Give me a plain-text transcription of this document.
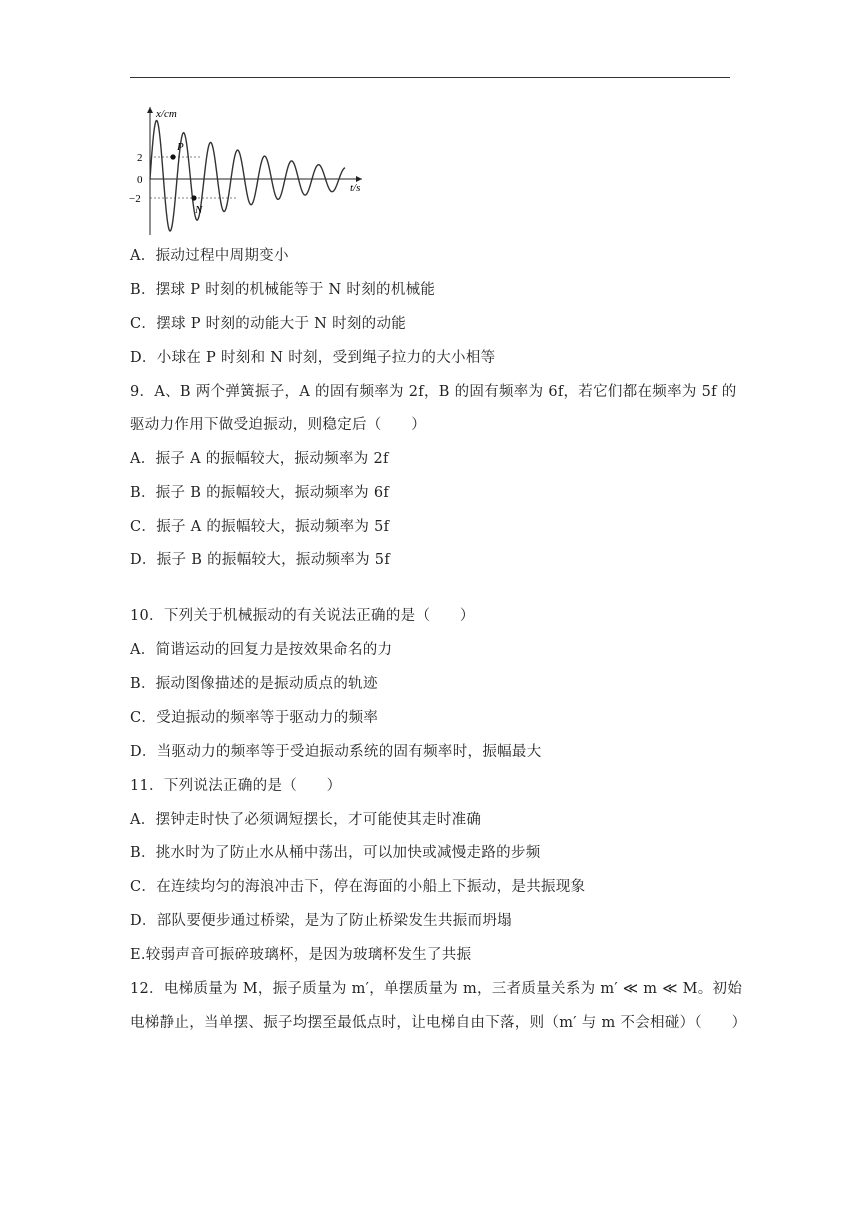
x/cm
t/s
2
0
−2
P
N
A．振动过程中周期变小
B．摆球 P 时刻的机械能等于 N 时刻的机械能
C．摆球 P 时刻的动能大于 N 时刻的动能
D．小球在 P 时刻和 N 时刻，受到绳子拉力的大小相等
9．A、B 两个弹簧振子，A 的固有频率为 2f，B 的固有频率为 6f，若它们都在频率为 5f 的
驱动力作用下做受迫振动，则稳定后（　　）
A．振子 A 的振幅较大，振动频率为 2f
B．振子 B 的振幅较大，振动频率为 6f
C．振子 A 的振幅较大，振动频率为 5f
D．振子 B 的振幅较大，振动频率为 5f
10．下列关于机械振动的有关说法正确的是（　　）
A．简谐运动的回复力是按效果命名的力
B．振动图像描述的是振动质点的轨迹
C．受迫振动的频率等于驱动力的频率
D．当驱动力的频率等于受迫振动系统的固有频率时，振幅最大
11．下列说法正确的是（　　）
A．摆钟走时快了必须调短摆长，才可能使其走时准确
B．挑水时为了防止水从桶中荡出，可以加快或减慢走路的步频
C．在连续均匀的海浪冲击下，停在海面的小船上下振动，是共振现象
D．部队要便步通过桥梁，是为了防止桥梁发生共振而坍塌
E.较弱声音可振碎玻璃杯，是因为玻璃杯发生了共振
12．电梯质量为 M，振子质量为 m′，单摆质量为 m，三者质量关系为 m′ ≪ m ≪ M。初始
电梯静止，当单摆、振子均摆至最低点时，让电梯自由下落，则（m′ 与 m 不会相碰）（　　）
